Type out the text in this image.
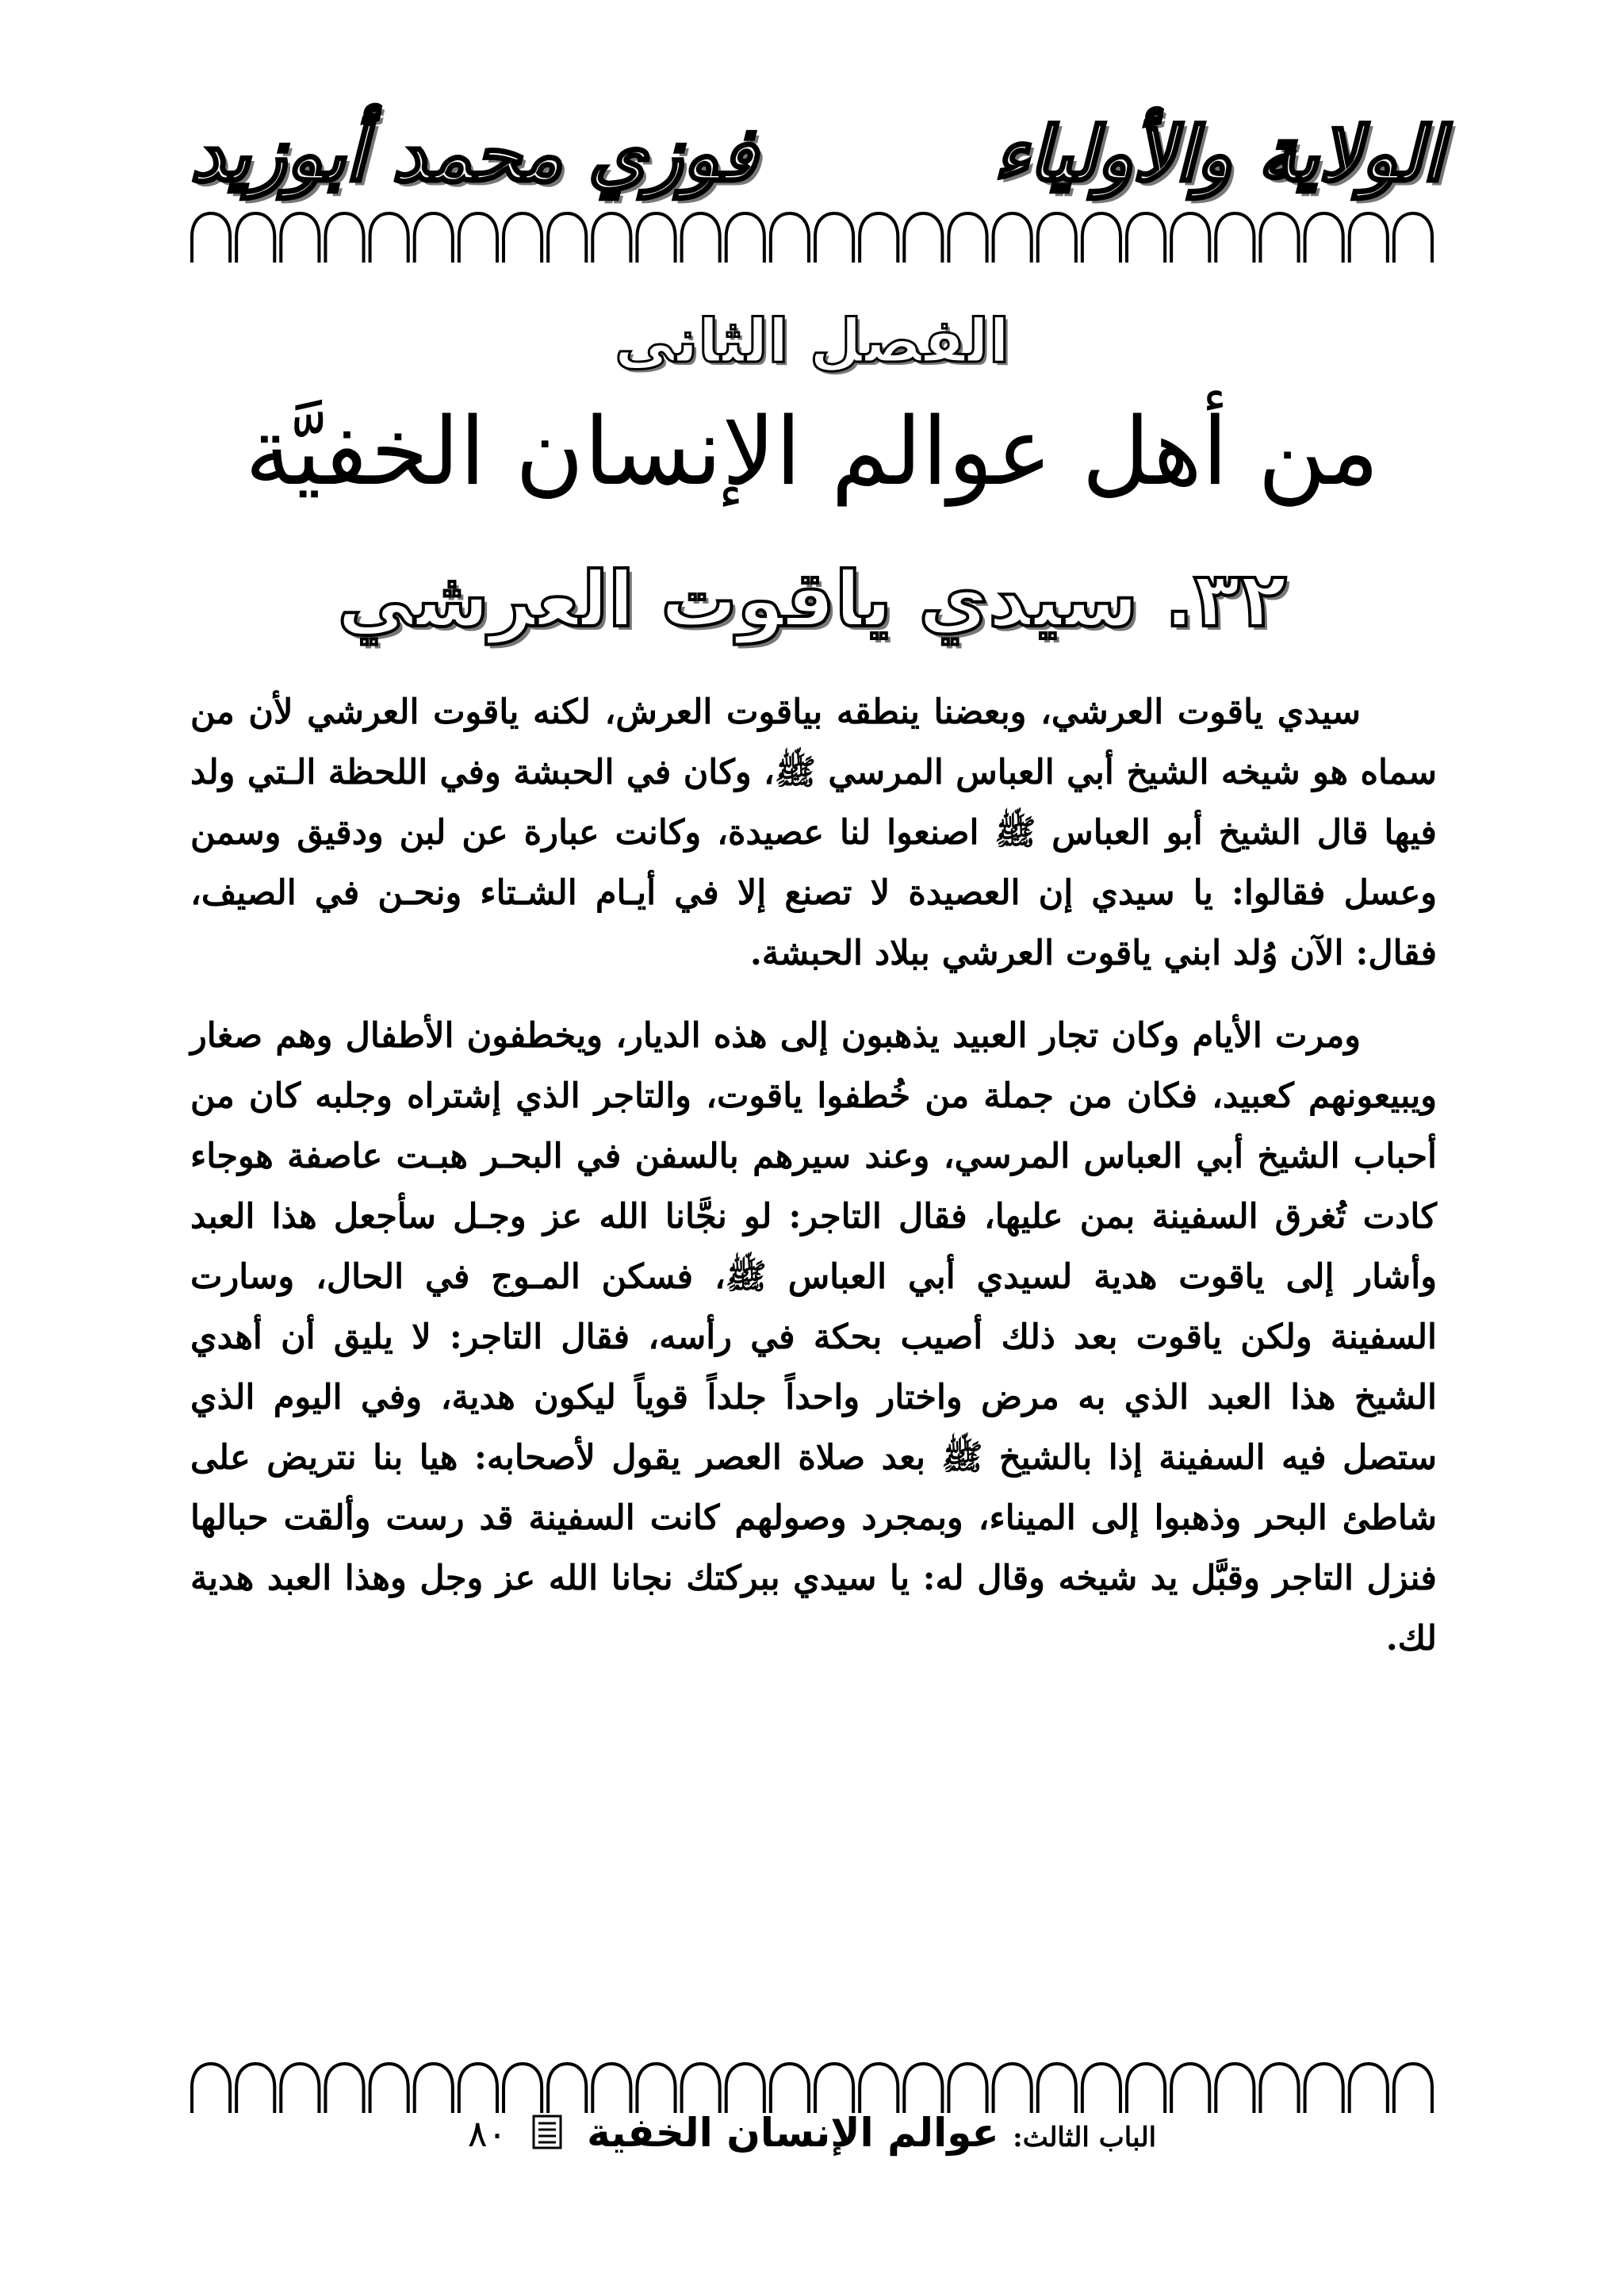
الولاية والأولياء
فوزي محمد أبوزيد
الفصل الثانى
من أهل عوالم الإنسان الخفيَّة
٣٢. سيدي ياقوت العرشي

سيدي ياقوت العرشي، وبعضنا ينطقه بياقوت العرش، لكنه ياقوت العرشي لأن من سماه هو شيخه الشيخ أبي العباس المرسي ﷺ، وكان في الحبشة وفي اللحظة الـتي ولد فيها قال الشيخ أبو العباس ﷺ اصنعوا لنا عصيدة، وكانت عبارة عن لبن ودقيق وسمن وعسل فقالوا: يا سيدي إن العصيدة لا تصنع إلا في أيـام الشـتاء ونحـن في الصيف، فقال: الآن وُلد ابني ياقوت العرشي ببلاد الحبشة.

ومرت الأيام وكان تجار العبيد يذهبون إلى هذه الديار، ويخطفون الأطفال وهم صغار ويبيعونهم كعبيد، فكان من جملة من خُطفوا ياقوت، والتاجر الذي إشتراه وجلبه كان من أحباب الشيخ أبي العباس المرسي، وعند سيرهم بالسفن في البحـر هبـت عاصفة هوجاء كادت تُغرق السفينة بمن عليها، فقال التاجر: لو نجَّانا الله عز وجـل سأجعل هذا العبد وأشار إلى ياقوت هدية لسيدي أبي العباس ﷺ، فسكن المـوج في الحال، وسارت السفينة ولكن ياقوت بعد ذلك أصيب بحكة في رأسه، فقال التاجر: لا يليق أن أهدي الشيخ هذا العبد الذي به مرض واختار واحداً جلداً قوياً ليكون هدية، وفي اليوم الذي ستصل فيه السفينة إذا بالشيخ ﷺ بعد صلاة العصر يقول لأصحابه: هيا بنا نتريض على شاطئ البحر وذهبوا إلى الميناء، وبمجرد وصولهم كانت السفينة قد رست وألقت حبالها فنزل التاجر وقبَّل يد شيخه وقال له: يا سيدي ببركتك نجانا الله عز وجل وهذا العبد هدية لك.

الباب الثالث: عوالم الإنسان الخفية  ٨٠
